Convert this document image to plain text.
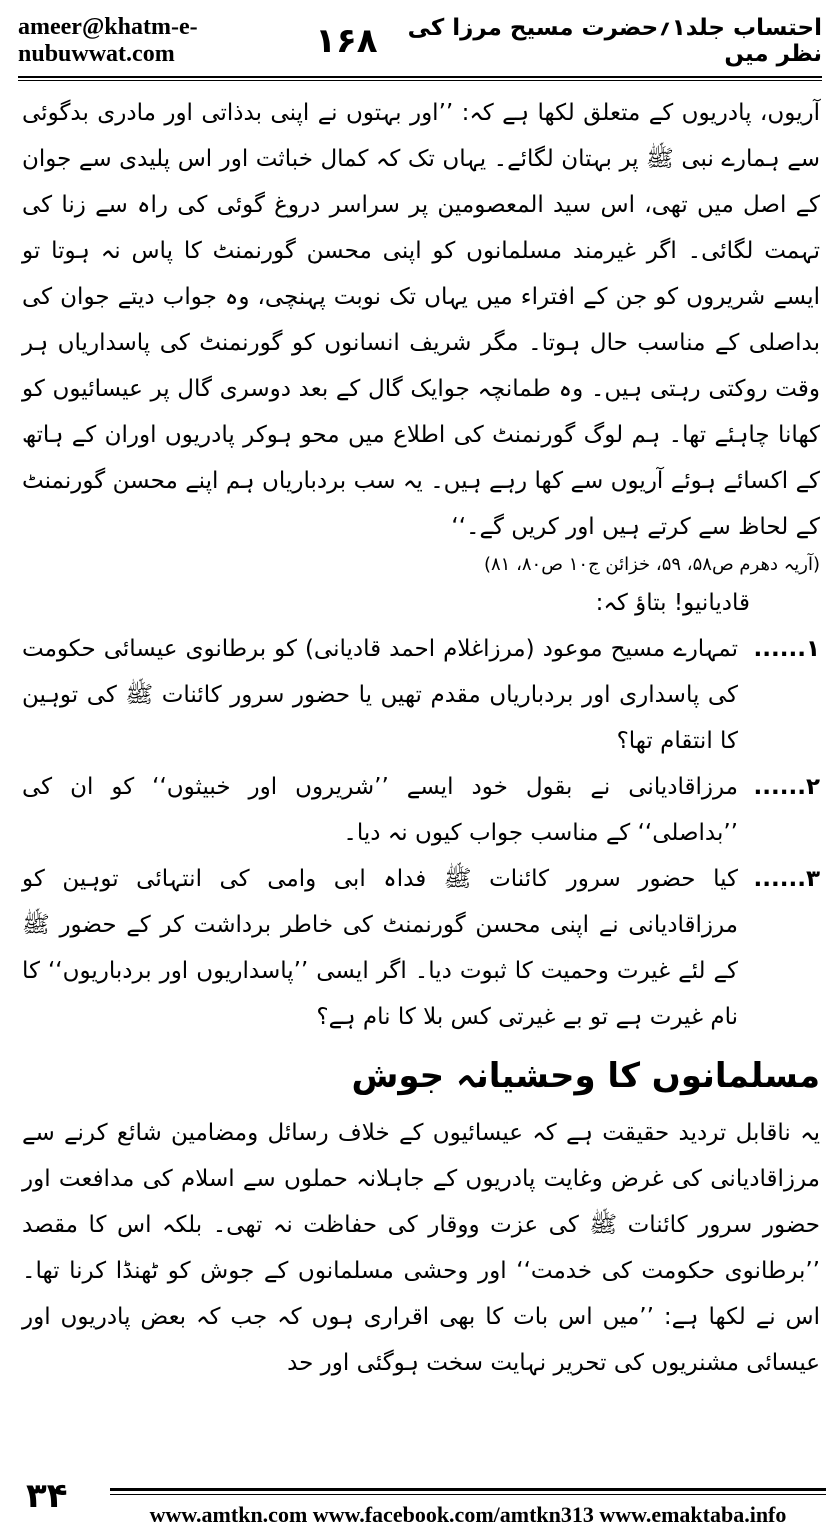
ameer@khatm-e-nubuwwat.com	۱۶۸	احتساب جلد۱؍حضرت مسیح مرزا کی نظر میں

آریوں، پادریوں کے متعلق لکھا ہے کہ: ’’اور بہتوں نے اپنی بدذاتی اور مادری بدگوئی سے ہمارے نبی ﷺ پر بہتان لگائے۔ یہاں تک کہ کمال خباثت اور اس پلیدی سے جوان کے اصل میں تھی، اس سید المعصومین پر سراسر دروغ گوئی کی راہ سے زنا کی تہمت لگائی۔ اگر غیرمند مسلمانوں کو اپنی محسن گورنمنٹ کا پاس نہ ہوتا تو ایسے شریروں کو جن کے افتراء میں یہاں تک نوبت پہنچی، وہ جواب دیتے جوان کی بداصلی کے مناسب حال ہوتا۔ مگر شریف انسانوں کو گورنمنٹ کی پاسداریاں ہر وقت روکتی رہتی ہیں۔ وہ طمانچہ جوایک گال کے بعد دوسری گال پر عیسائیوں کو کھانا چاہئے تھا۔ ہم لوگ گورنمنٹ کی اطلاع میں محو ہوکر پادریوں اوران کے ہاتھ کے اکسائے ہوئے آریوں سے کھا رہے ہیں۔ یہ سب بردباریاں ہم اپنے محسن گورنمنٹ کے لحاظ سے کرتے ہیں اور کریں گے۔‘‘

(آریہ دھرم ص۵۸، ۵۹، خزائن ج۱۰ ص۸۰، ۸۱)

قادیانیو! بتاؤ کہ:

۱......
تمہارے مسیح موعود (مرزاغلام احمد قادیانی) کو برطانوی عیسائی حکومت کی پاسداری اور بردباریاں مقدم تھیں یا حضور سرور کائنات ﷺ کی توہین کا انتقام تھا؟
۲......
مرزاقادیانی نے بقول خود ایسے ’’شریروں اور خبیثوں‘‘ کو ان کی ’’بداصلی‘‘ کے مناسب جواب کیوں نہ دیا۔
۳......
کیا حضور سرور کائنات ﷺ فداہ ابی وامی کی انتہائی توہین کو مرزاقادیانی نے اپنی محسن گورنمنٹ کی خاطر برداشت کر کے حضور ﷺ کے لئے غیرت وحمیت کا ثبوت دیا۔ اگر ایسی ’’پاسداریوں اور بردباریوں‘‘ کا نام غیرت ہے تو بے غیرتی کس بلا کا نام ہے؟
مسلمانوں کا وحشیانہ جوش

یہ ناقابل تردید حقیقت ہے کہ عیسائیوں کے خلاف رسائل ومضامین شائع کرنے سے مرزاقادیانی کی غرض وغایت پادریوں کے جاہلانہ حملوں سے اسلام کی مدافعت اور حضور سرور کائنات ﷺ کی عزت ووقار کی حفاظت نہ تھی۔ بلکہ اس کا مقصد ’’برطانوی حکومت کی خدمت‘‘ اور وحشی مسلمانوں کے جوش کو ٹھنڈا کرنا تھا۔ اس نے لکھا ہے: ’’میں اس بات کا بھی اقراری ہوں کہ جب کہ بعض پادریوں اور عیسائی مشنریوں کی تحریر نہایت سخت ہوگئی اور حد

۳۴	www.amtkn.com www.facebook.com/amtkn313 www.emaktaba.info
